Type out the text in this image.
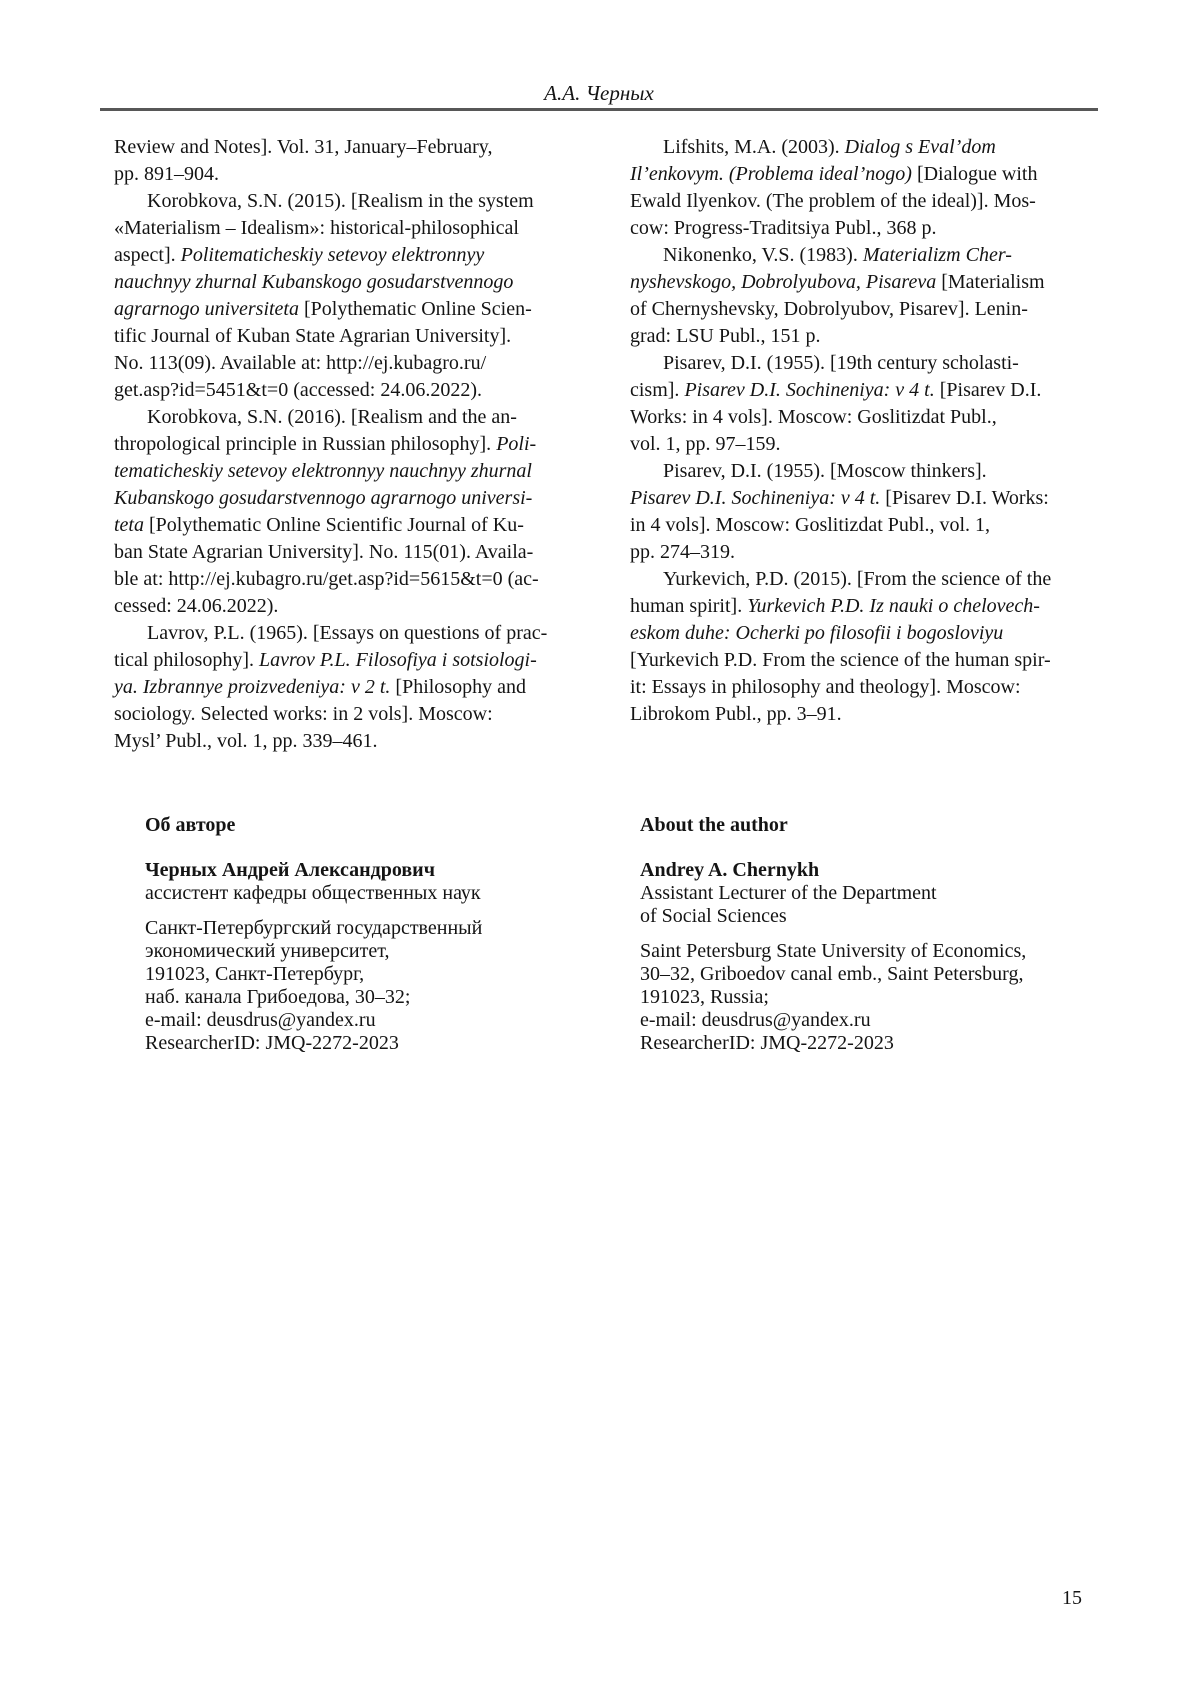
А.А. Черных
Review and Notes]. Vol. 31, January–February,
pp. 891–904.
Korobkova, S.N. (2015). [Realism in the system
«Materialism – Idealism»: historical-philosophical
aspect]. Politematicheskiy setevoy elektronnyy
nauchnyy zhurnal Kubanskogo gosudarstvennogo
agrarnogo universiteta [Polythematic Online Scien-
tific Journal of Kuban State Agrarian University].
No. 113(09). Available at: http://ej.kubagro.ru/
get.asp?id=5451&t=0 (accessed: 24.06.2022).
Korobkova, S.N. (2016). [Realism and the an-
thropological principle in Russian philosophy]. Poli-
tematicheskiy setevoy elektronnyy nauchnyy zhurnal
Kubanskogo gosudarstvennogo agrarnogo universi-
teta [Polythematic Online Scientific Journal of Ku-
ban State Agrarian University]. No. 115(01). Availa-
ble at: http://ej.kubagro.ru/get.asp?id=5615&t=0 (ac-
cessed: 24.06.2022).
Lavrov, P.L. (1965). [Essays on questions of prac-
tical philosophy]. Lavrov P.L. Filosofiya i sotsiologi-
ya. Izbrannye proizvedeniya: v 2 t. [Philosophy and
sociology. Selected works: in 2 vols]. Moscow:
Mysl’ Publ., vol. 1, pp. 339–461.
Lifshits, M.A. (2003). Dialog s Eval’dom
Il’enkovym. (Problema ideal’nogo) [Dialogue with
Ewald Ilyenkov. (The problem of the ideal)]. Mos-
cow: Progress-Traditsiya Publ., 368 p.
Nikonenko, V.S. (1983). Materializm Cher-
nyshevskogo, Dobrolyubova, Pisareva [Materialism
of Chernyshevsky, Dobrolyubov, Pisarev]. Lenin-
grad: LSU Publ., 151 p.
Pisarev, D.I. (1955). [19th century scholasti-
cism]. Pisarev D.I. Sochineniya: v 4 t. [Pisarev D.I.
Works: in 4 vols]. Moscow: Goslitizdat Publ.,
vol. 1, pp. 97–159.
Pisarev, D.I. (1955). [Moscow thinkers].
Pisarev D.I. Sochineniya: v 4 t. [Pisarev D.I. Works:
in 4 vols]. Moscow: Goslitizdat Publ., vol. 1,
pp. 274–319.
Yurkevich, P.D. (2015). [From the science of the
human spirit]. Yurkevich P.D. Iz nauki o chelovech-
eskom duhe: Ocherki po filosofii i bogosloviyu
[Yurkevich P.D. From the science of the human spir-
it: Essays in philosophy and theology]. Moscow:
Librokom Publ., pp. 3–91.
Об авторе
Черных Андрей Александрович
ассистент кафедры общественных наук
Санкт-Петербургский государственный
экономический университет,
191023, Санкт-Петербург,
наб. канала Грибоедова, 30–32;
e-mail: deusdrus@yandex.ru
ResearcherID: JMQ-2272-2023
About the author
Andrey A. Chernykh
Assistant Lecturer of the Department
of Social Sciences
Saint Petersburg State University of Economics,
30–32, Griboedov canal emb., Saint Petersburg,
191023, Russia;
e-mail: deusdrus@yandex.ru
ResearcherID: JMQ-2272-2023
15
